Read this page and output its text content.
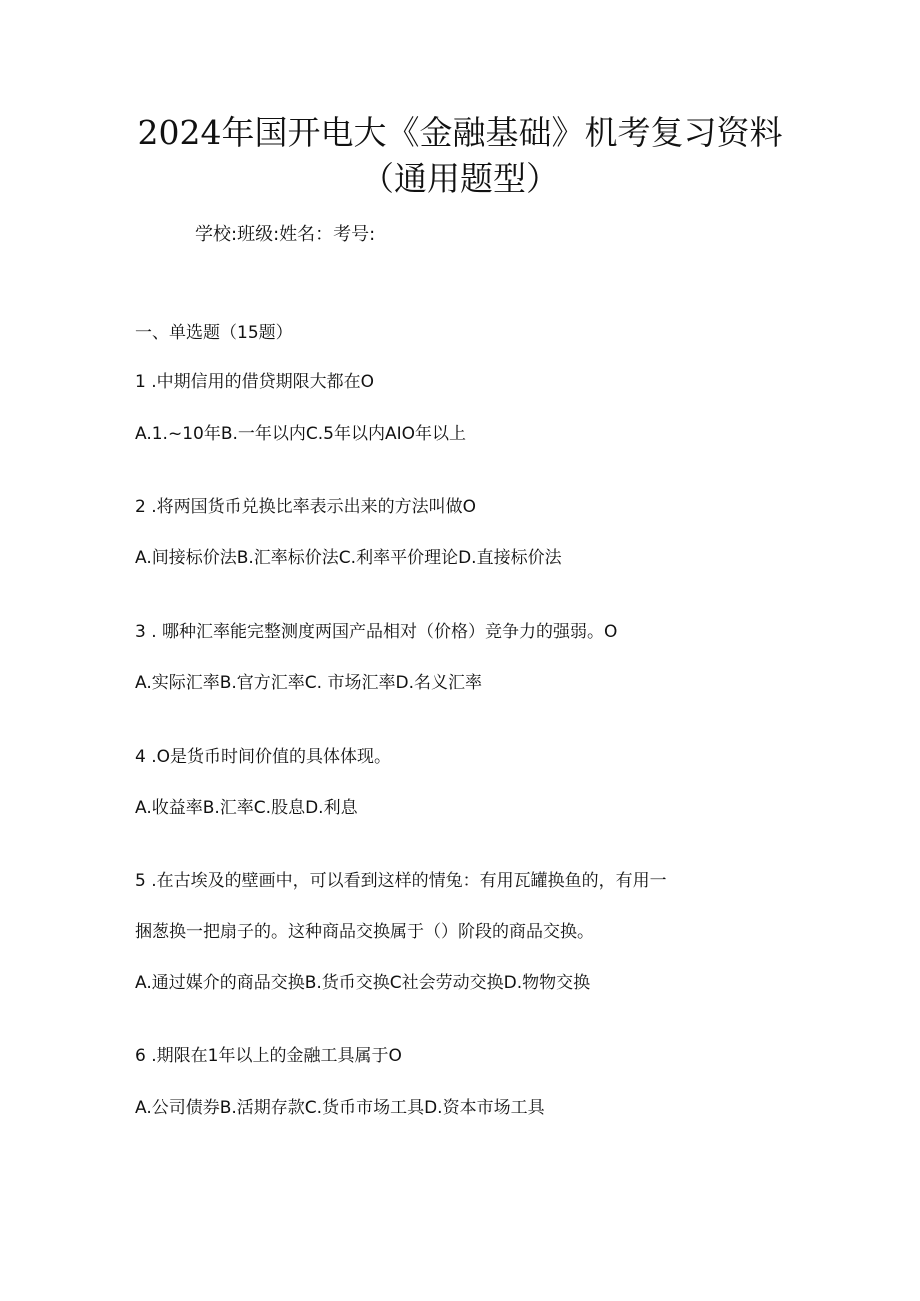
2024年国开电大《金融基础》机考复习资料
（通用题型）
学校:班级:姓名：考号:
一、单选题（15题）
1 .中期信用的借贷期限大都在O
A.1.~10年B.一年以内C.5年以内AIO年以上
2 .将两国货币兑换比率表示出来的方法叫做O
A.间接标价法B.汇率标价法C.利率平价理论D.直接标价法
3 . 哪种汇率能完整测度两国产品相对（价格）竞争力的强弱。O
A.实际汇率B.官方汇率C. 市场汇率D.名义汇率
4 .O是货币时间价值的具体体现。
A.收益率B.汇率C.股息D.利息
5 .在古埃及的壁画中，可以看到这样的情兔：有用瓦罐换鱼的，有用一
捆葱换一把扇子的。这种商品交换属于（）阶段的商品交换。
A.通过媒介的商品交换B.货币交换C社会劳动交换D.物物交换
6 .期限在1年以上的金融工具属于O
A.公司债券B.活期存款C.货币市场工具D.资本市场工具
